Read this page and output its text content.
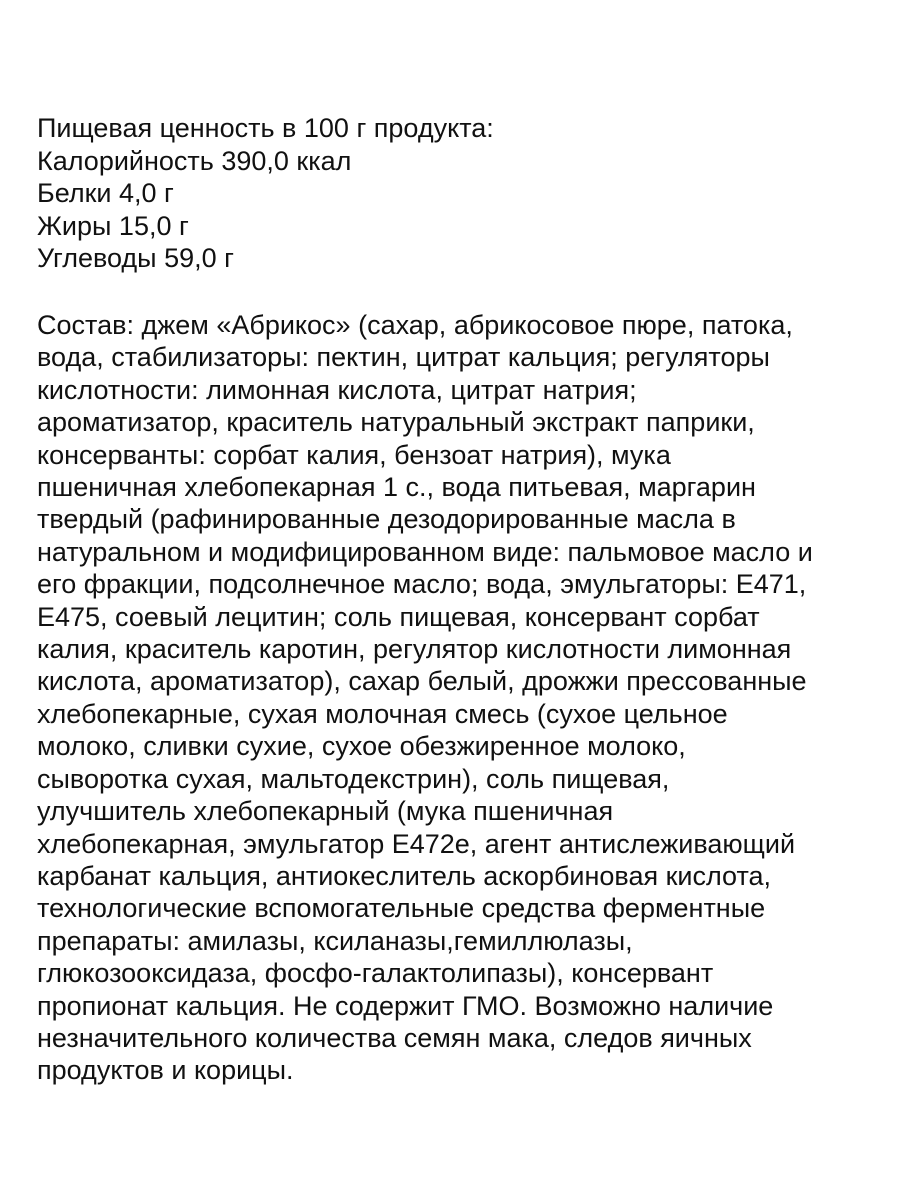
Пищевая ценность в 100 г продукта:
Калорийность 390,0 ккал
Белки 4,0 г
Жиры 15,0 г
Углеводы 59,0 г
Состав: джем «Абрикос» (сахар, абрикосовое пюре, патока,
вода, стабилизаторы: пектин, цитрат кальция; регуляторы
кислотности: лимонная кислота, цитрат натрия;
ароматизатор, краситель натуральный экстракт паприки,
консерванты: сорбат калия, бензоат натрия), мука
пшеничная хлебопекарная 1 с., вода питьевая, маргарин
твердый (рафинированные дезодорированные масла в
натуральном и модифицированном виде: пальмовое масло и
его фракции, подсолнечное масло; вода, эмульгаторы: Е471,
Е475, соевый лецитин; соль пищевая, консервант сорбат
калия, краситель каротин, регулятор кислотности лимонная
кислота, ароматизатор), сахар белый, дрожжи прессованные
хлебопекарные, сухая молочная смесь (сухое цельное
молоко, сливки сухие, сухое обезжиренное молоко,
сыворотка сухая, мальтодекстрин), соль пищевая,
улучшитель хлебопекарный (мука пшеничная
хлебопекарная, эмульгатор Е472е, агент антислеживающий
карбанат кальция, антиокеслитель аскорбиновая кислота,
технологические вспомогательные средства ферментные
препараты: амилазы, ксиланазы,гемиллюлазы,
глюкозооксидаза, фосфо-галактолипазы), консервант
пропионат кальция. Не содержит ГМО. Возможно наличие
незначительного количества семян мака, следов яичных
продуктов и корицы.
